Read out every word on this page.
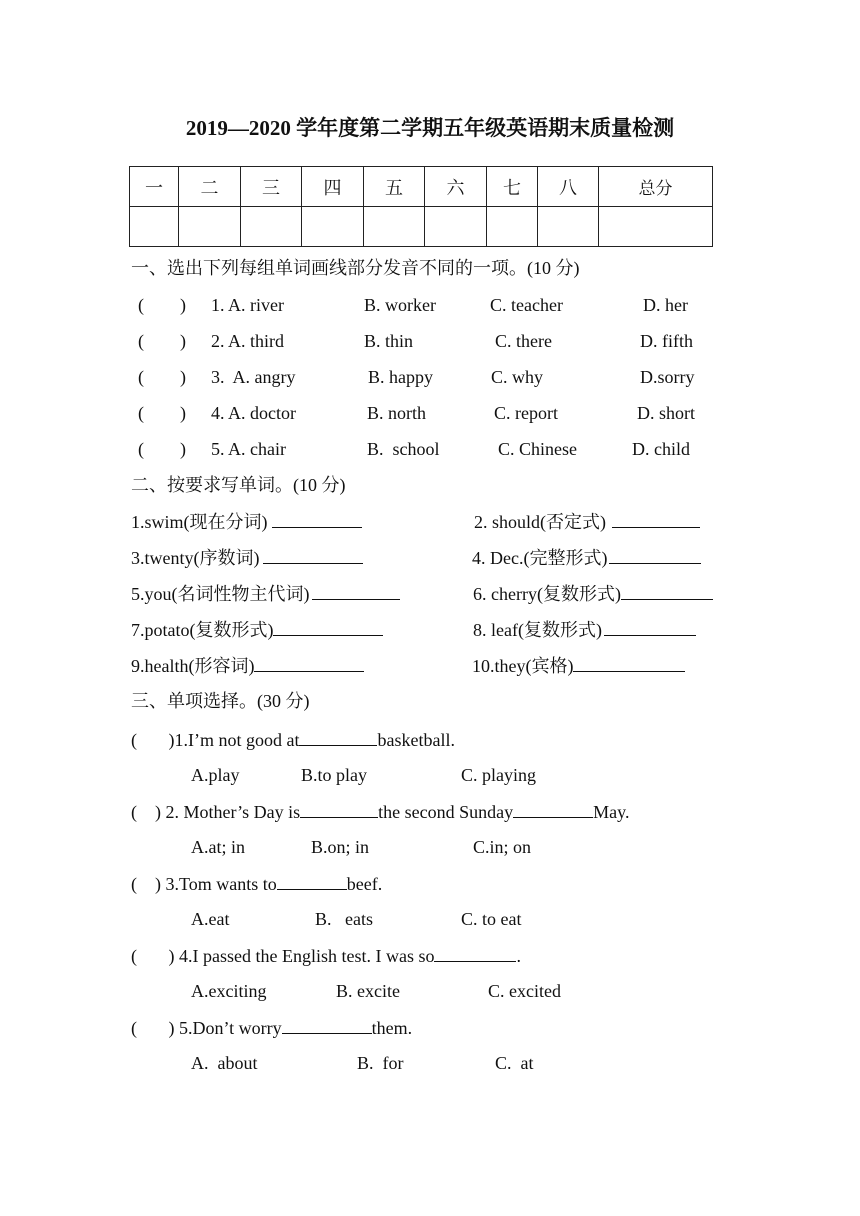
2019—2020 学年度第二学期五年级英语期末质量检测
一	二	三	四	五	六	七	八	总分

一、选出下列每组单词画线部分发音不同的一项。(10 分)
(        ) 1. A. river	B. worker	C. teacher	D. her
(        ) 2. A. third	B. thin	C. there	D. fifth
(        ) 3.  A. angry	B. happy	C. why	D.sorry
(        ) 4. A. doctor	B. north	C. report	D. short
(        ) 5. A. chair	B.  school	C. Chinese	D. child
二、按要求写单词。(10 分)
1.swim(现在分词)	2. should(否定式)
3.twenty(序数词)	4. Dec.(完整形式)
5.you(名词性物主代词)	6. cherry(复数形式)
7.potato(复数形式)	8. leaf(复数形式)
9.health(形容词)	10.they(宾格)
三、单项选择。(30 分)
(       )1.I’m not good at	basketball.
A.play	B.to play	C. playing
(    ) 2. Mother’s Day is	the second Sunday	May.
A.at; in	B.on; in	C.in; on
(    ) 3.Tom wants to	beef.
A.eat	B.   eats	C. to eat
(       ) 4.I passed the English test. I was so	.
A.exciting	B. excite	C. excited
(       ) 5.Don’t worry	them.
A.  about	B.  for	C.  at
